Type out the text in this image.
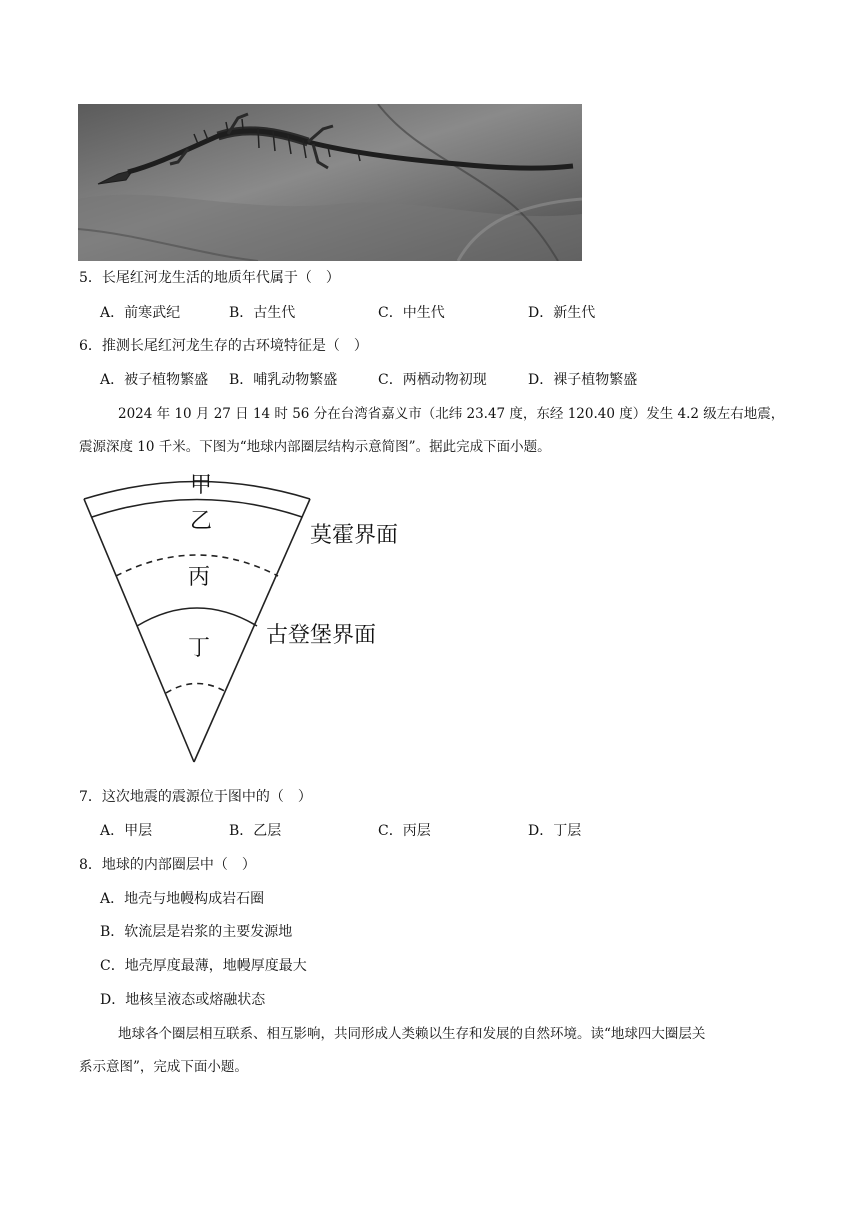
5．长尾红河龙生活的地质年代属于（　）
A．前寒武纪	B．古生代	C．中生代	D．新生代
6．推测长尾红河龙生存的古环境特征是（　）
A．被子植物繁盛 B．哺乳动物繁盛	C．两栖动物初现	D．裸子植物繁盛
2024 年 10 月 27 日 14 时 56 分在台湾省嘉义市（北纬 23.47 度，东经 120.40 度）发生 4.2 级左右地震，
震源深度 10 千米。下图为“地球内部圈层结构示意简图”。据此完成下面小题。
甲
乙
丙
丁
莫霍界面
古登堡界面
7．这次地震的震源位于图中的（　）
A．甲层	B．乙层	C．丙层	D．丁层
8．地球的内部圈层中（　）
A．地壳与地幔构成岩石圈
B．软流层是岩浆的主要发源地
C．地壳厚度最薄，地幔厚度最大
D．地核呈液态或熔融状态
地球各个圈层相互联系、相互影响，共同形成人类赖以生存和发展的自然环境。读“地球四大圈层关
系示意图”，完成下面小题。
